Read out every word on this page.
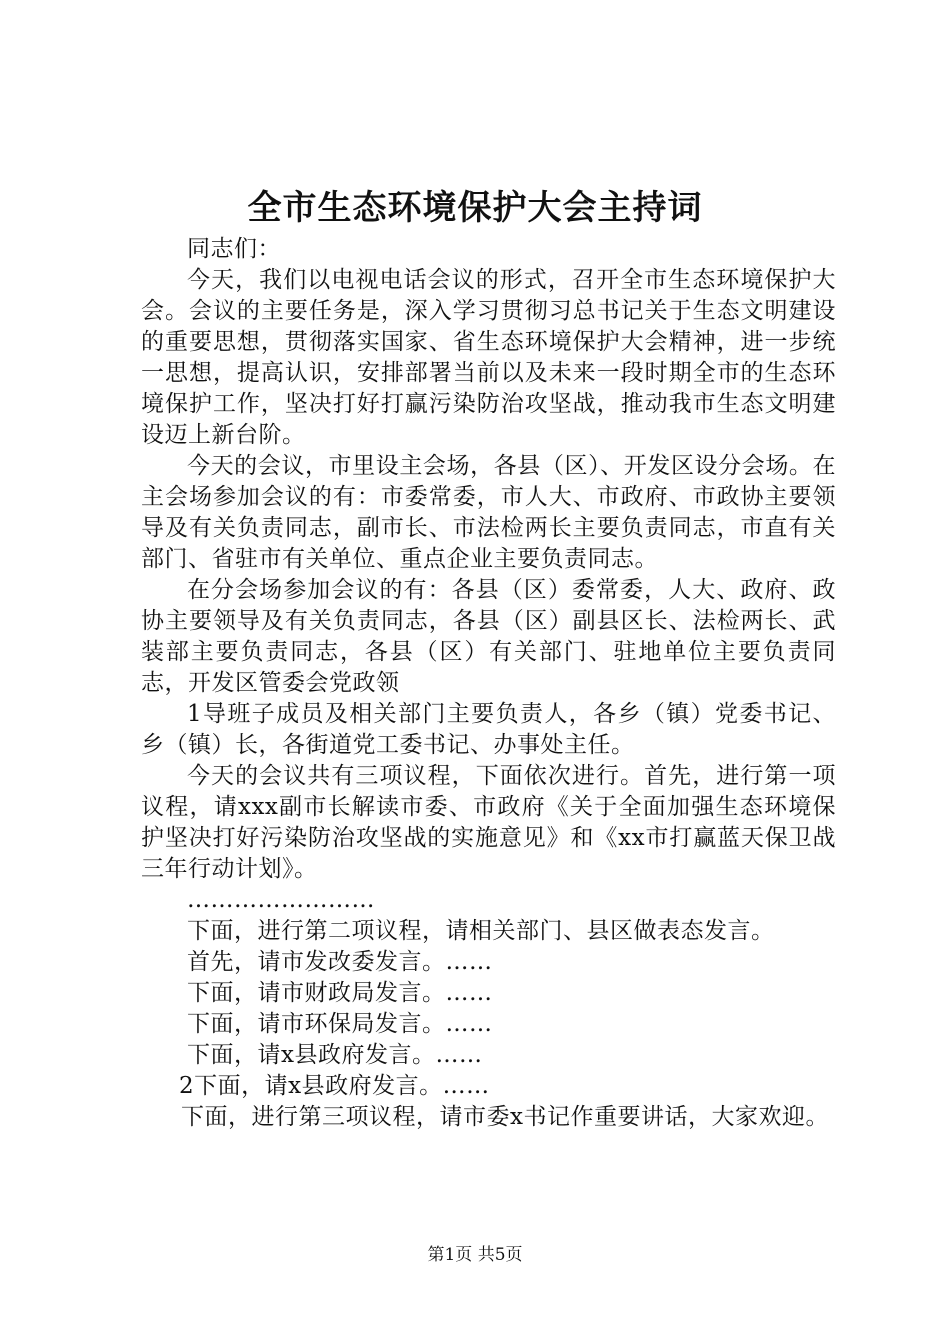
全市生态环境保护大会主持词

同志们：

今天，我们以电视电话会议的形式，召开全市生态环境保护大会。会议的主要任务是，深入学习贯彻习总书记关于生态文明建设的重要思想，贯彻落实国家、省生态环境保护大会精神，进一步统一思想，提高认识，安排部署当前以及未来一段时期全市的生态环境保护工作，坚决打好打赢污染防治攻坚战，推动我市生态文明建设迈上新台阶。

今天的会议，市里设主会场，各县（区）、开发区设分会场。在主会场参加会议的有：市委常委，市人大、市政府、市政协主要领导及有关负责同志，副市长、市法检两长主要负责同志，市直有关部门、省驻市有关单位、重点企业主要负责同志。

在分会场参加会议的有：各县（区）委常委，人大、政府、政协主要领导及有关负责同志，各县（区）副县区长、法检两长、武装部主要负责同志，各县（区）有关部门、驻地单位主要负责同志，开发区管委会党政领

1导班子成员及相关部门主要负责人，各乡（镇）党委书记、乡（镇）长，各街道党工委书记、办事处主任。

今天的会议共有三项议程，下面依次进行。首先，进行第一项议程，请xxx副市长解读市委、市政府《关于全面加强生态环境保护坚决打好污染防治攻坚战的实施意见》和《xx市打赢蓝天保卫战三年行动计划》。

……………………

下面，进行第二项议程，请相关部门、县区做表态发言。

首先，请市发改委发言。……

下面，请市财政局发言。……

下面，请市环保局发言。……

下面，请x县政府发言。……

2下面，请x县政府发言。……

下面，进行第三项议程，请市委x书记作重要讲话，大家欢迎。

第1页 共5页
